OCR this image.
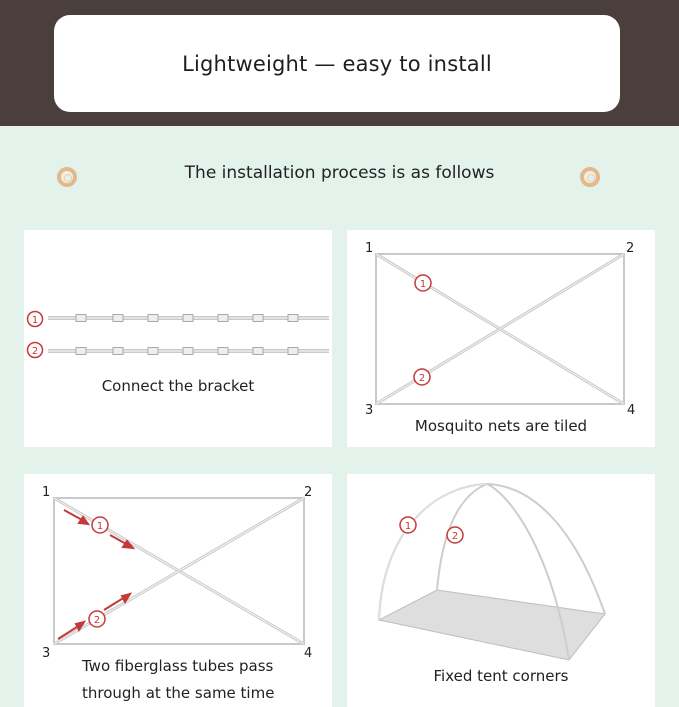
Lightweight — easy to install
The installation process is as follows
1
2
Connect the bracket
1	2
3	4
1
2
Mosquito nets are tiled
1	2
3	4
1
2
Two fiberglass tubes pass
through at the same time
1
2
Fixed tent corners
